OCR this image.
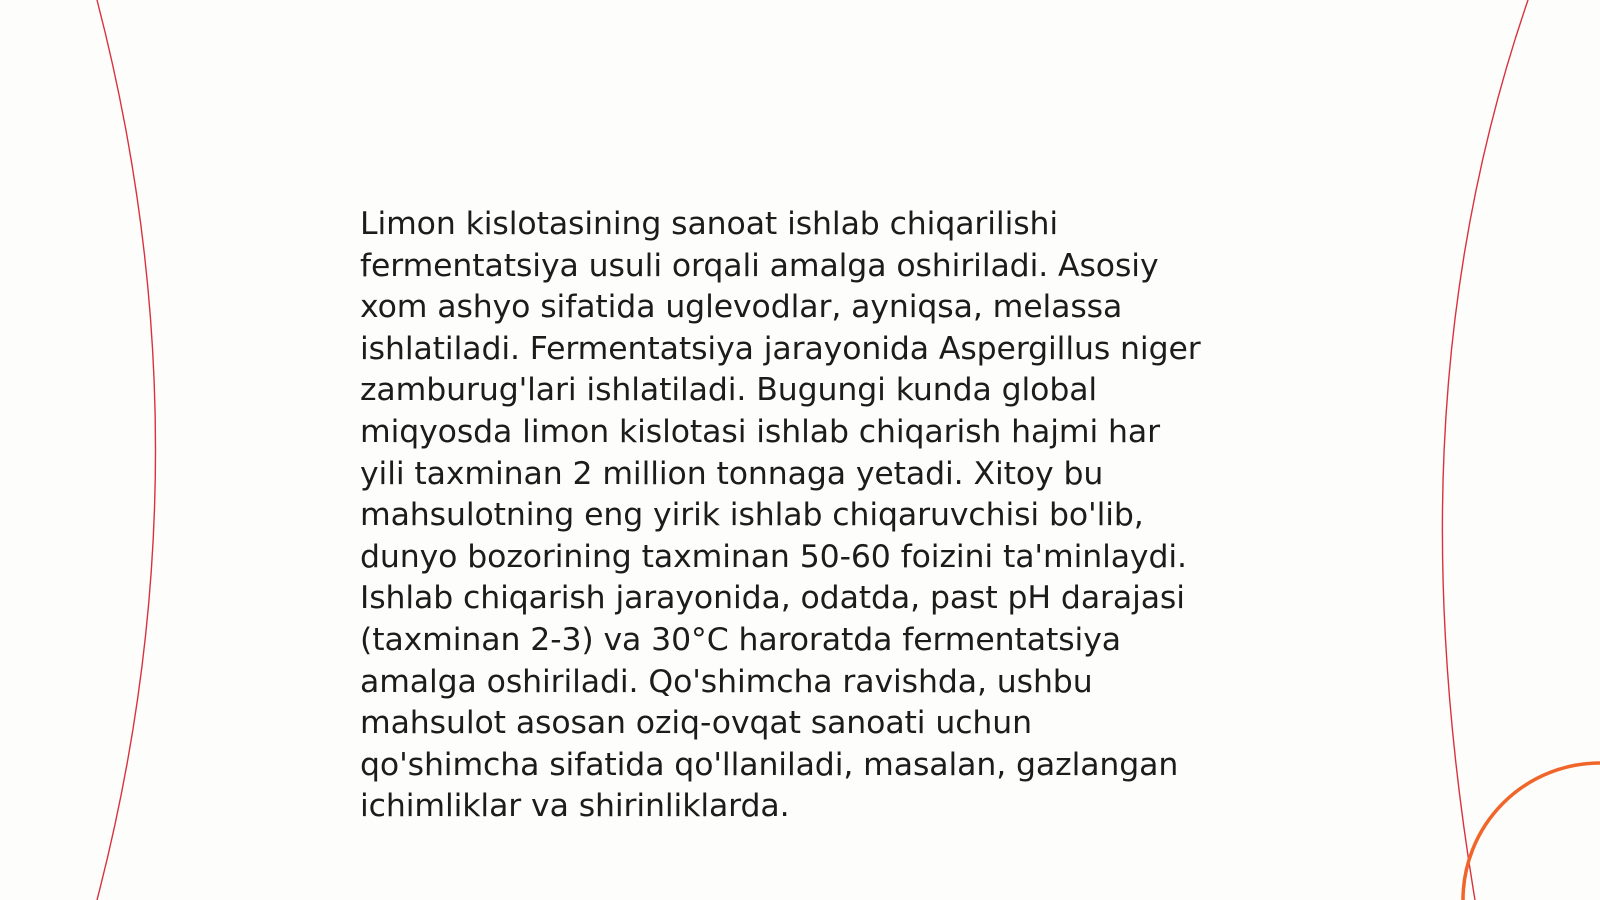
Limon kislotasining sanoat ishlab chiqarilishi
fermentatsiya usuli orqali amalga oshiriladi. Asosiy
xom ashyo sifatida uglevodlar, ayniqsa, melassa
ishlatiladi. Fermentatsiya jarayonida Aspergillus niger
zamburug'lari ishlatiladi. Bugungi kunda global
miqyosda limon kislotasi ishlab chiqarish hajmi har
yili taxminan 2 million tonnaga yetadi. Xitoy bu
mahsulotning eng yirik ishlab chiqaruvchisi bo'lib,
dunyo bozorining taxminan 50-60 foizini ta'minlaydi.
Ishlab chiqarish jarayonida, odatda, past pH darajasi
(taxminan 2-3) va 30°C haroratda fermentatsiya
amalga oshiriladi. Qo'shimcha ravishda, ushbu
mahsulot asosan oziq-ovqat sanoati uchun
qo'shimcha sifatida qo'llaniladi, masalan, gazlangan
ichimliklar va shirinliklarda.
